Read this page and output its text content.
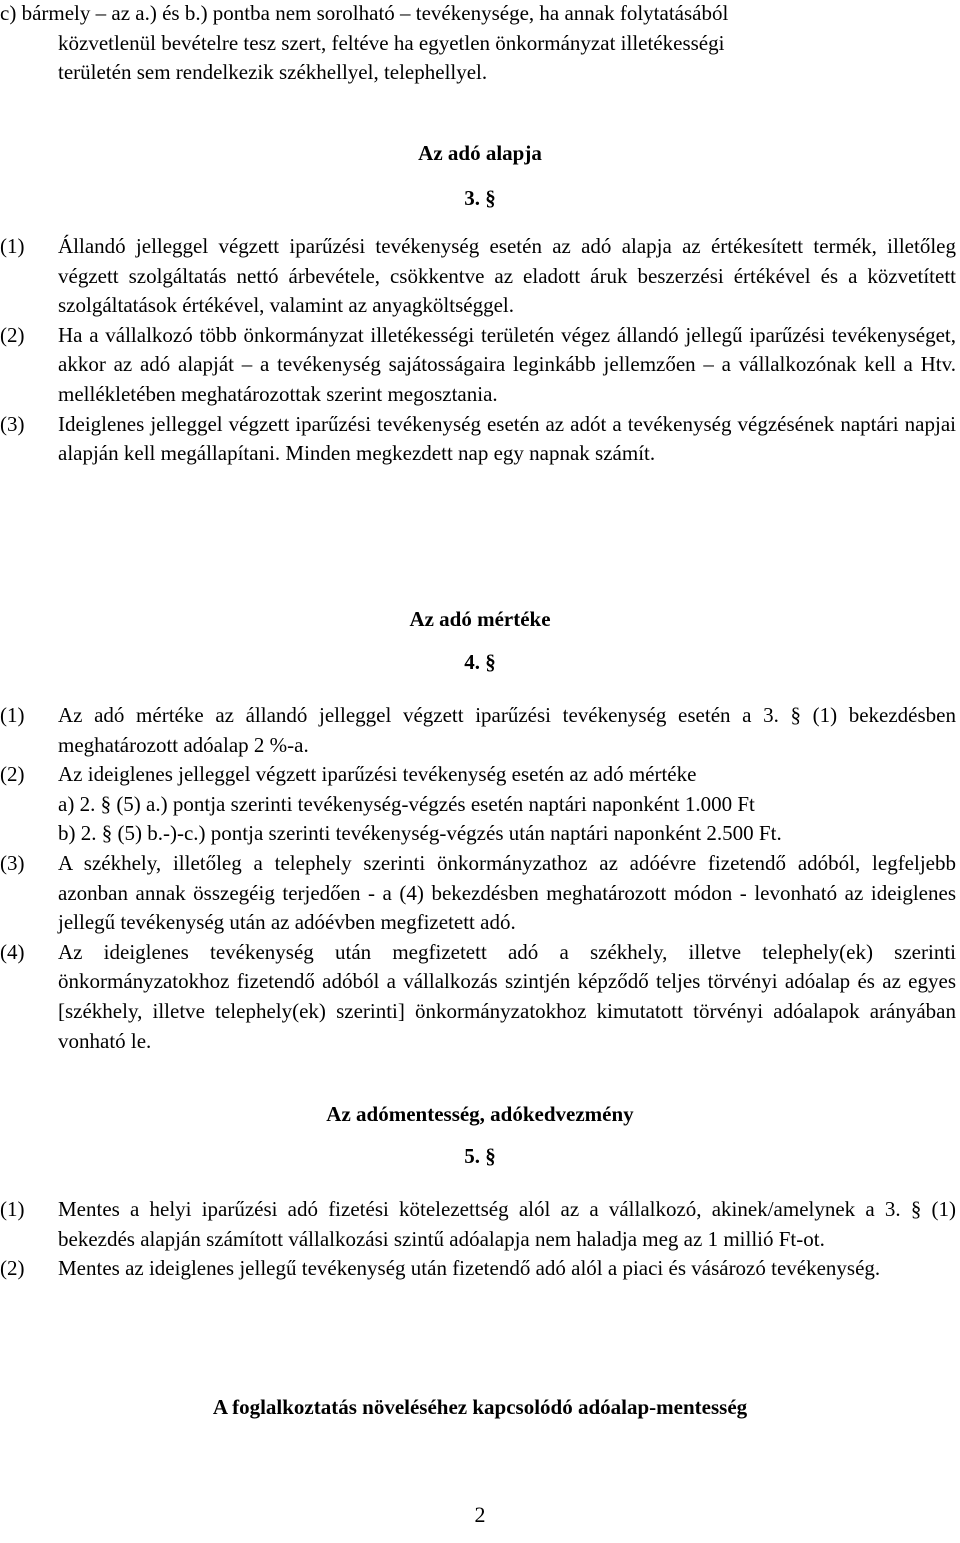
c) bármely – az a.) és b.) pontba nem sorolható – tevékenysége, ha annak folytatásából
közvetlenül bevételre tesz szert, feltéve ha egyetlen önkormányzat illetékességi
területén sem rendelkezik székhellyel, telephellyel.
Az adó alapja
3. §
(1)	Állandó jelleggel végzett iparűzési tevékenység esetén az adó alapja az értékesített termék, illetőleg végzett szolgáltatás nettó árbevétele, csökkentve az eladott áruk beszerzési értékével és a közvetített szolgáltatások értékével, valamint az anyagköltséggel.
(2)	Ha a vállalkozó több önkormányzat illetékességi területén végez állandó jellegű iparűzési tevékenységet, akkor az adó alapját – a tevékenység sajátosságaira leginkább jellemzően – a vállalkozónak kell a Htv. mellékletében meghatározottak szerint megosztania.
(3)	Ideiglenes jelleggel végzett iparűzési tevékenység esetén az adót a tevékenység végzésének naptári napjai alapján kell megállapítani. Minden megkezdett nap egy napnak számít.
Az adó mértéke
4. §
(1)	Az adó mértéke az állandó jelleggel végzett iparűzési tevékenység esetén a 3. § (1) bekezdésben meghatározott adóalap 2 %-a.
(2)	Az ideiglenes jelleggel végzett iparűzési tevékenység esetén az adó mértéke
a) 2. § (5) a.) pontja szerinti tevékenység-végzés esetén naptári naponként 1.000 Ft
b) 2. § (5) b.-)-c.) pontja szerinti tevékenység-végzés után naptári naponként 2.500 Ft.
(3)	A székhely, illetőleg a telephely szerinti önkormányzathoz az adóévre fizetendő adóból, legfeljebb azonban annak összegéig terjedően - a (4) bekezdésben meghatározott módon - levonható az ideiglenes jellegű tevékenység után az adóévben megfizetett adó.
(4)	Az ideiglenes tevékenység után megfizetett adó a székhely, illetve telephely(ek) szerinti önkormányzatokhoz fizetendő adóból a vállalkozás szintjén képződő teljes törvényi adóalap és az egyes [székhely, illetve telephely(ek) szerinti] önkormányzatokhoz kimutatott törvényi adóalapok arányában vonható le.
Az adómentesség, adókedvezmény
5. §
(1)	Mentes a helyi iparűzési adó fizetési kötelezettség alól az a vállalkozó, akinek/amelynek a 3. § (1) bekezdés alapján számított vállalkozási szintű adóalapja nem haladja meg az 1 millió Ft-ot.
(2)	Mentes az ideiglenes jellegű tevékenység után fizetendő adó alól a piaci és vásározó tevékenység.
A foglalkoztatás növeléséhez kapcsolódó adóalap-mentesség
2
